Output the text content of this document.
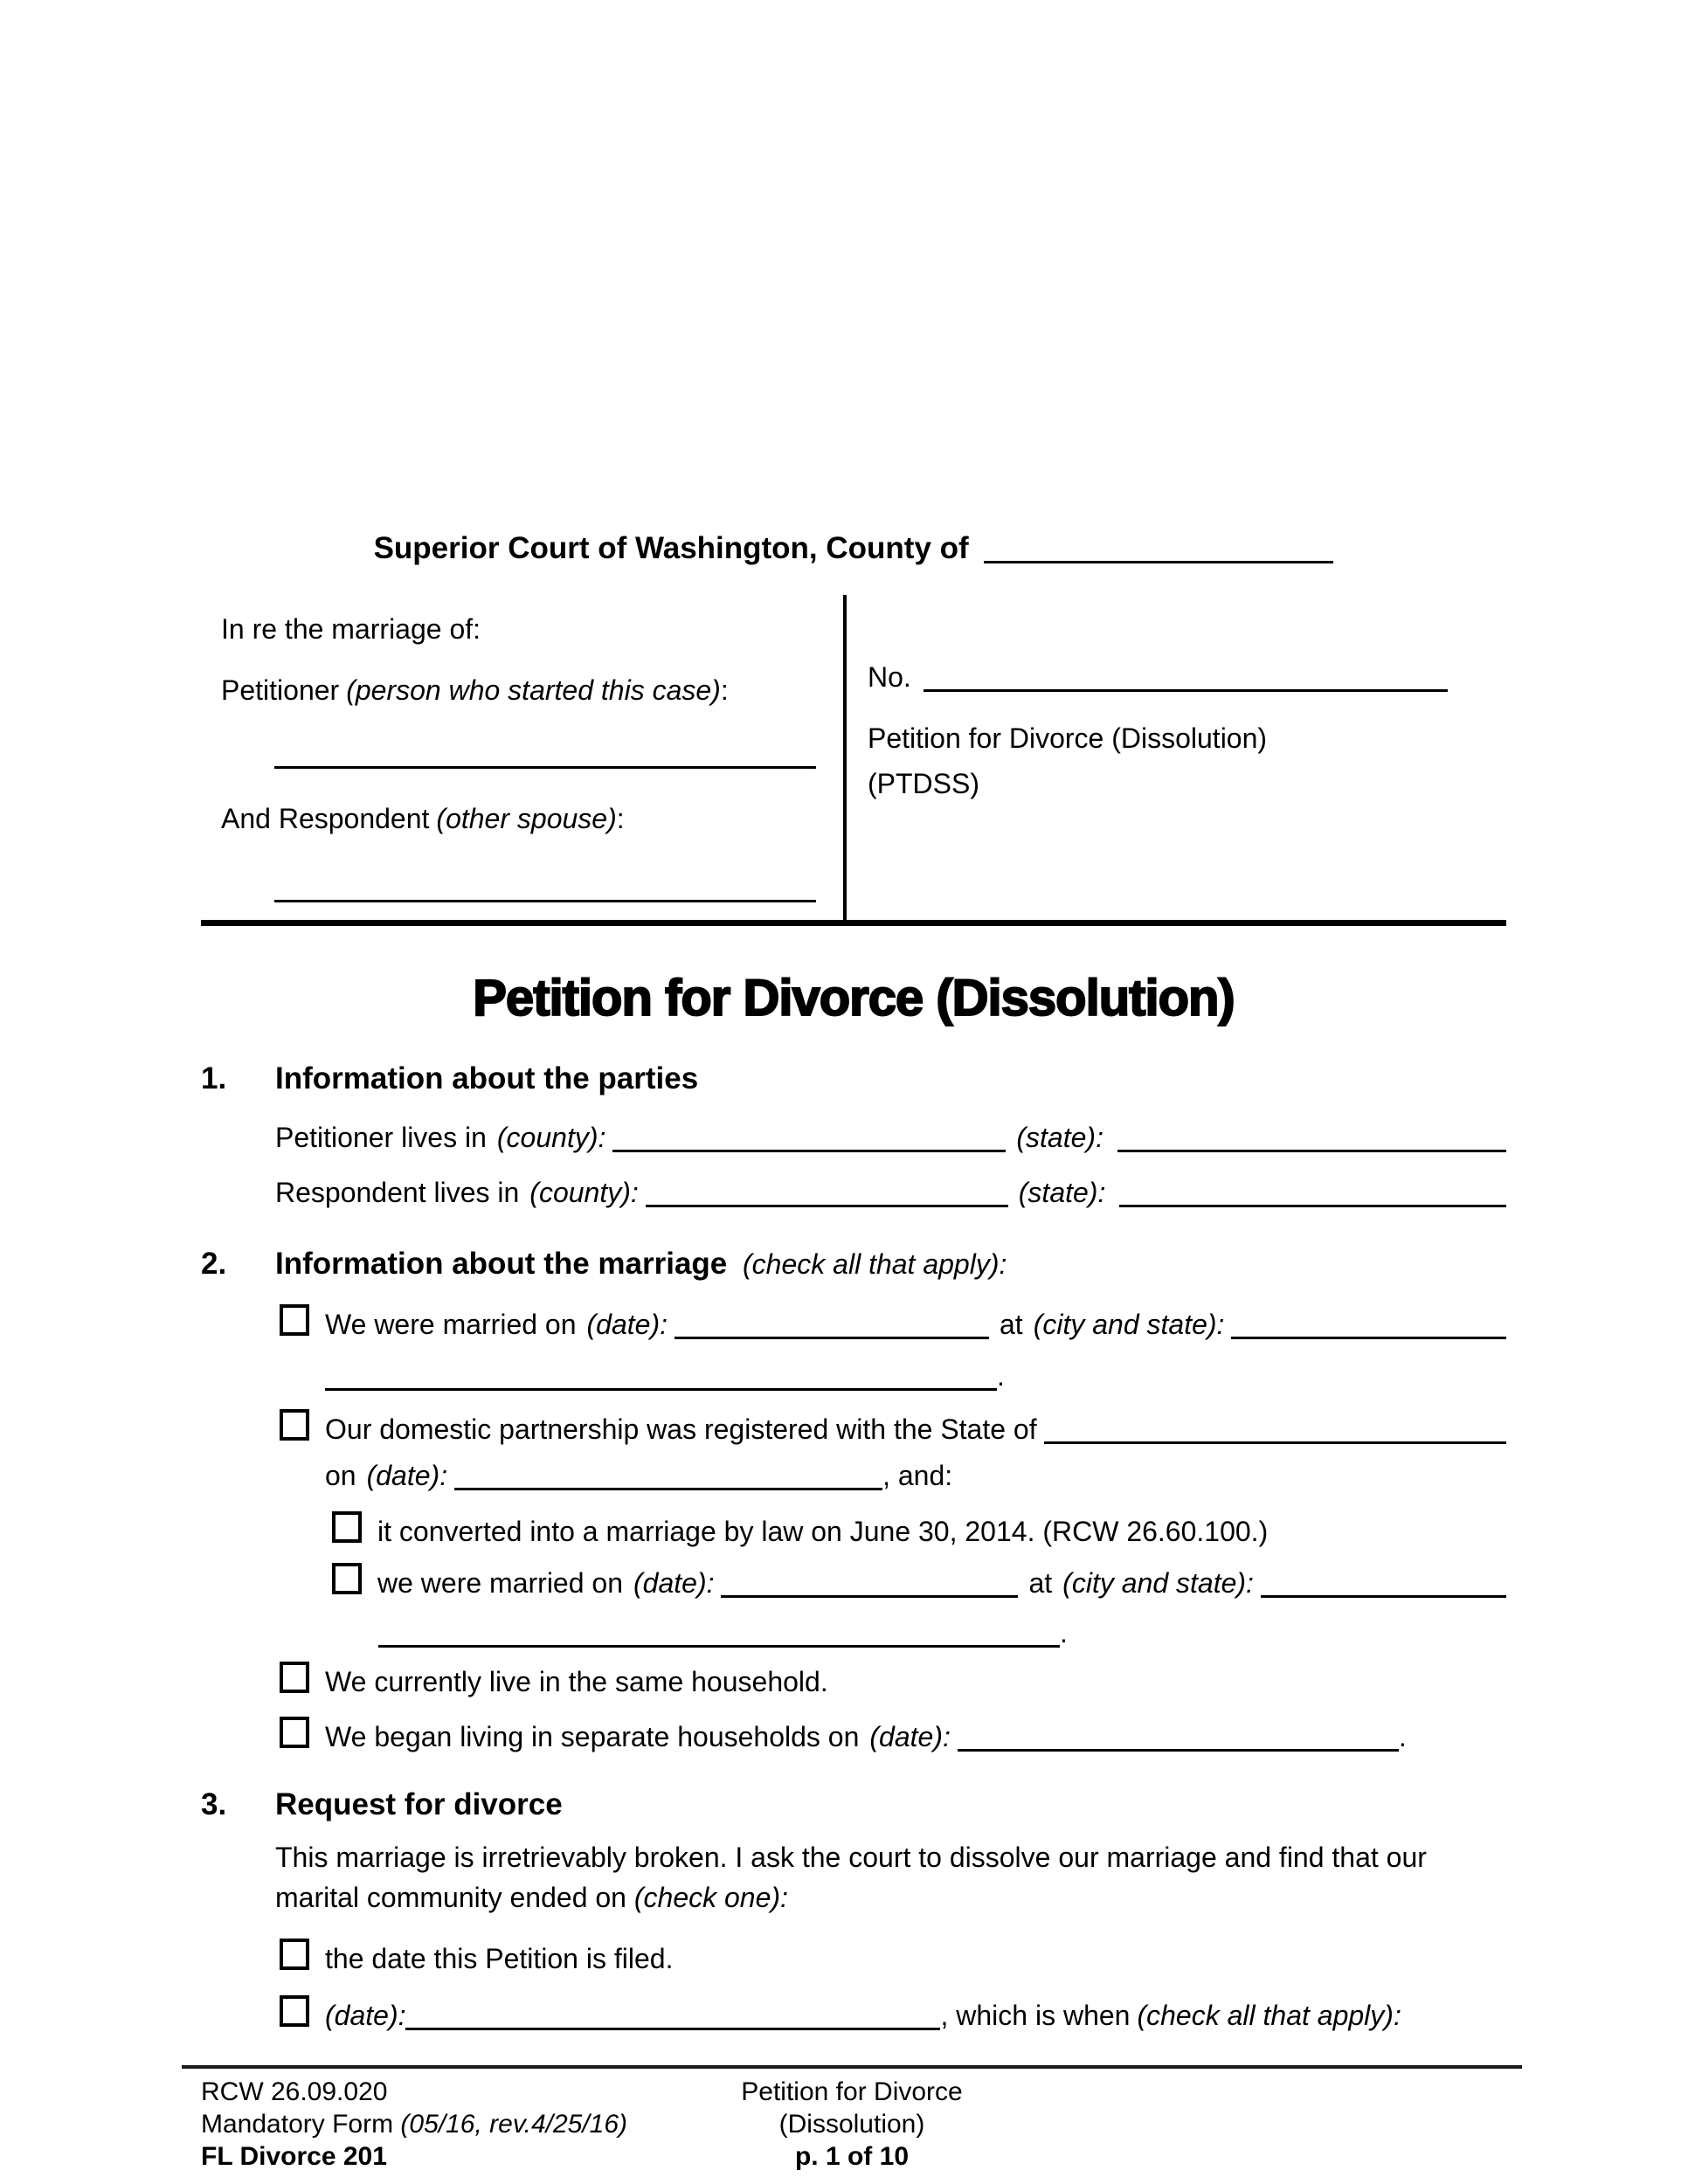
Superior Court of Washington, County of
In re the marriage of:
Petitioner (person who started this case) :
And Respondent (other spouse) :
No.
Petition for Divorce (Dissolution)
(PTDSS)
Petition for Divorce (Dissolution)
1.	Information about the parties
Petitioner lives in (county):	(state):
Respondent lives in (county):	(state):
2.	Information about the marriage (check all that apply):
We were married on (date):	at (city and state):
.
Our domestic partnership was registered with the State of
on (date):	, and:
it converted into a marriage by law on June 30, 2014. (RCW 26.60.100.)
we were married on (date):	at (city and state):
.
We currently live in the same household.
We began living in separate households on (date):	.
3.	Request for divorce
This marriage is irretrievably broken. I ask the court to dissolve our marriage and find that our marital community ended on (check one):
the date this Petition is filed.
(date):	, which is when (check all that apply):
RCW 26.09.020
Mandatory Form (05/16, rev.4/25/16)
FL Divorce 201
Petition for Divorce
(Dissolution)
p. 1 of 10
